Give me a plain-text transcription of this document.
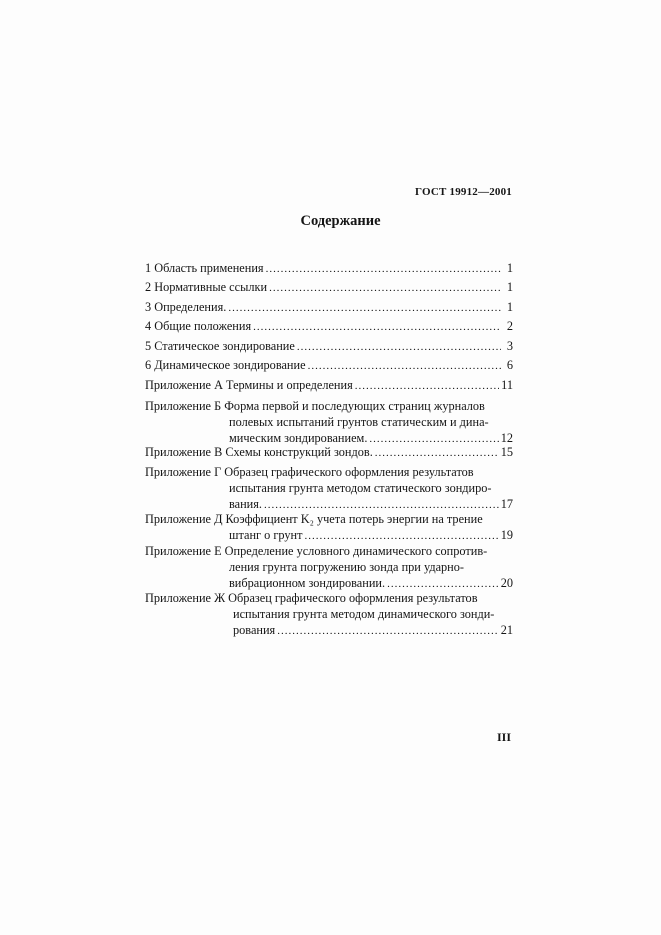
ГОСТ 19912—2001
Содержание
1 Область применения .....	1
2 Нормативные ссылки .....	1
3 Определения. .....	1
4 Общие положения .....	2
5 Статическое зондирование .....	3
6 Динамическое зондирование .....	6
Приложение А
Термины и определения .....	11
Приложение Б
Форма первой и последующих страниц журналов
полевых испытаний грунтов статическим и дина-
мическим зондированием. .....	12
Приложение В
Схемы конструкций зондов. .....	15
Приложение Г
Образец графического оформления результатов
испытания грунта методом статического зондиро-
вания. .....	17
Приложение Д
Коэффициент K₂ учета потерь энергии на трение
штанг о грунт .....	19
Приложение Е
Определение условного динамического сопротив-
ления грунта погружению зонда при ударно-
вибрационном зондировании. .....	20
Приложение Ж
Образец графического оформления результатов
испытания грунта методом динамического зонди-
рования .....	21
III
